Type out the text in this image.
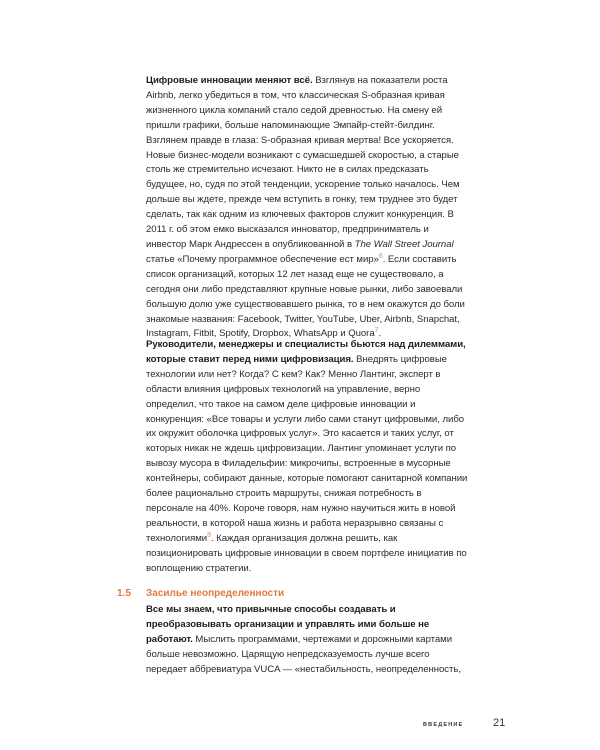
Цифровые инновации меняют всё. Взглянув на показатели роста Airbnb, легко убедиться в том, что классическая S-образная кривая жизненного цикла компаний стало седой древностью. На смену ей пришли графики, больше напоминающие Эмпайр-стейт-билдинг. Взглянем правде в глаза: S-образная кривая мертва! Все ускоряется. Новые бизнес-модели возникают с сумасшедшей скоростью, а старые столь же стремительно исчезают. Никто не в силах предсказать будущее, но, судя по этой тенденции, ускорение только началось. Чем дольше вы ждете, прежде чем вступить в гонку, тем труднее это будет сделать, так как одним из ключевых факторов служит конкуренция. В 2011 г. об этом емко высказался инноватор, предприниматель и инвестор Марк Андрессен в опубликованной в The Wall Street Journal статье «Почему программное обеспечение ест мир»$^6$. Если составить список организаций, которых 12 лет назад еще не существовало, а сегодня они либо представляют крупные новые рынки, либо завоевали большую долю уже существовавшего рынка, то в нем окажутся до боли знакомые названия: Facebook, Twitter, YouTube, Uber, Airbnb, Snapchat, Instagram, Fitbit, Spotify, Dropbox, WhatsApp и Quora$^7$.

Руководители, менеджеры и специалисты бьются над дилеммами, которые ставит перед ними цифровизация. Внедрять цифровые технологии или нет? Когда? С кем? Как? Менно Лантинг, эксперт в области влияния цифровых технологий на управление, верно определил, что такое на самом деле цифровые инновации и конкуренция: «Все товары и услуги либо сами станут цифровыми, либо их окружит оболочка цифровых услуг». Это касается и таких услуг, от которых никак не ждешь цифровизации. Лантинг упоминает услуги по вывозу мусора в Филадельфии: микрочипы, встроенные в мусорные контейнеры, собирают данные, которые помогают санитарной компании более рационально строить маршруты, снижая потребность в персонале на 40%. Короче говоря, нам нужно научиться жить в новой реальности, в которой наша жизнь и работа неразрывно связаны с технологиями$^8$. Каждая организация должна решить, как позиционировать цифровые инновации в своем портфеле инициатив по воплощению стратегии.

1.5 Засилье неопределенности

Все мы знаем, что привычные способы создавать и преобразовывать организации и управлять ими больше не работают. Мыслить программами, чертежами и дорожными картами больше невозможно. Царящую непредсказуемость лучше всего передает аббревиатура VUCA — «нестабильность, неопределенность,

ВВЕДЕНИЕ	21
